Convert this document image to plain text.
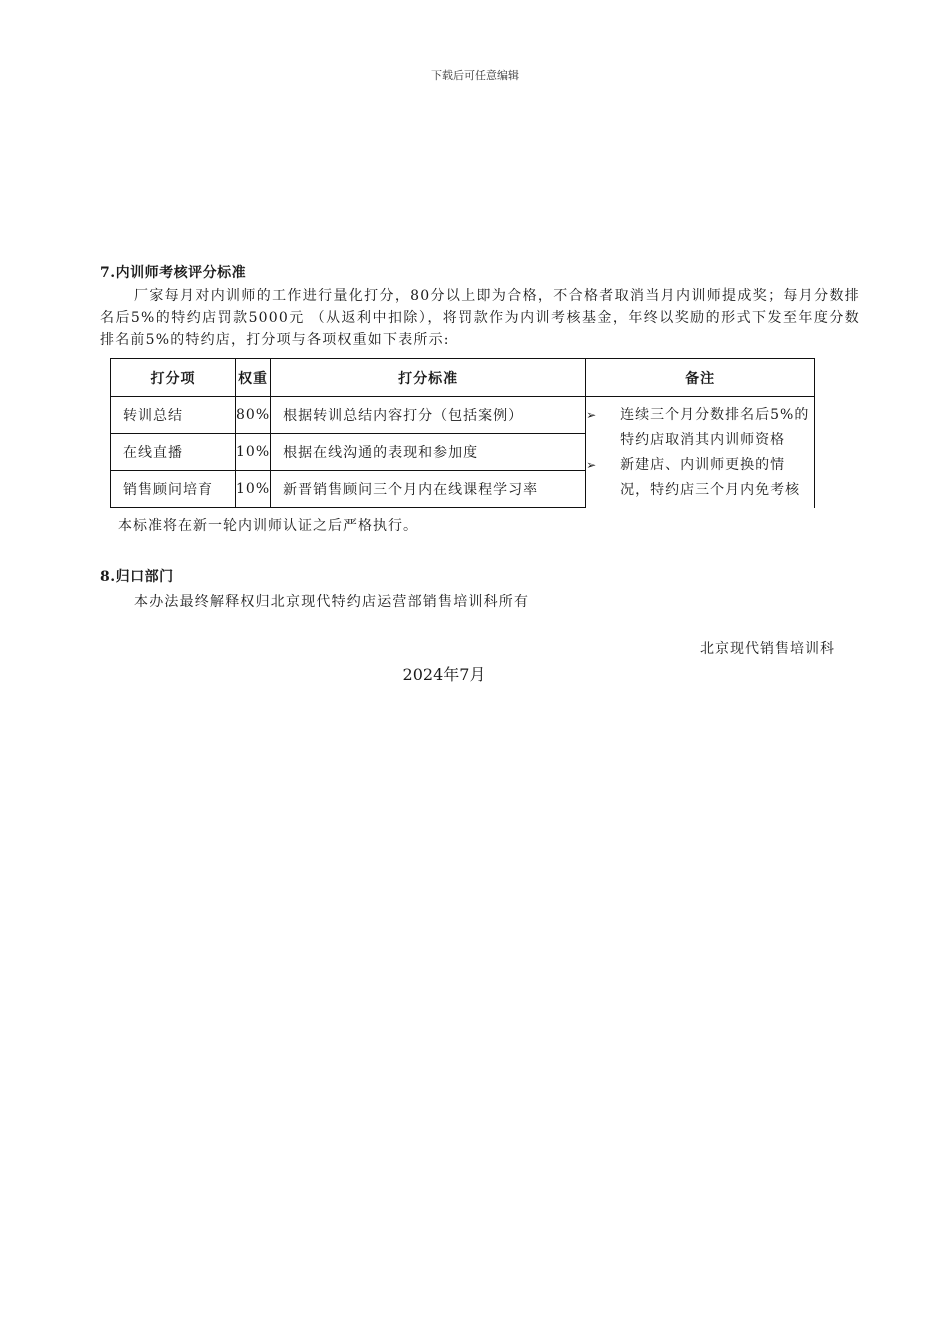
下载后可任意编辑
7.内训师考核评分标准
厂家每月对内训师的工作进行量化打分，80分以上即为合格，不合格者取消当月内训师提成奖；每月分数排名后5%的特约店罚款5000元 （从返利中扣除），将罚款作为内训考核基金，年终以奖励的形式下发至年度分数排名前5%的特约店，打分项与各项权重如下表所示:
打分项	权重	打分标准	备注
转训总结	80%	根据转训总结内容打分（包括案例）	➢ 连续三个月分数排名后5%的特约店取消其内训师资格
➢ 新建店、内训师更换的情况，特约店三个月内免考核

在线直播	10%	根据在线沟通的表现和参加度	
销售顾问培育	10%	新晋销售顾问三个月内在线课程学习率	
本标准将在新一轮内训师认证之后严格执行。
8.归口部门
本办法最终解释权归北京现代特约店运营部销售培训科所有
北京现代销售培训科
2024年7月
